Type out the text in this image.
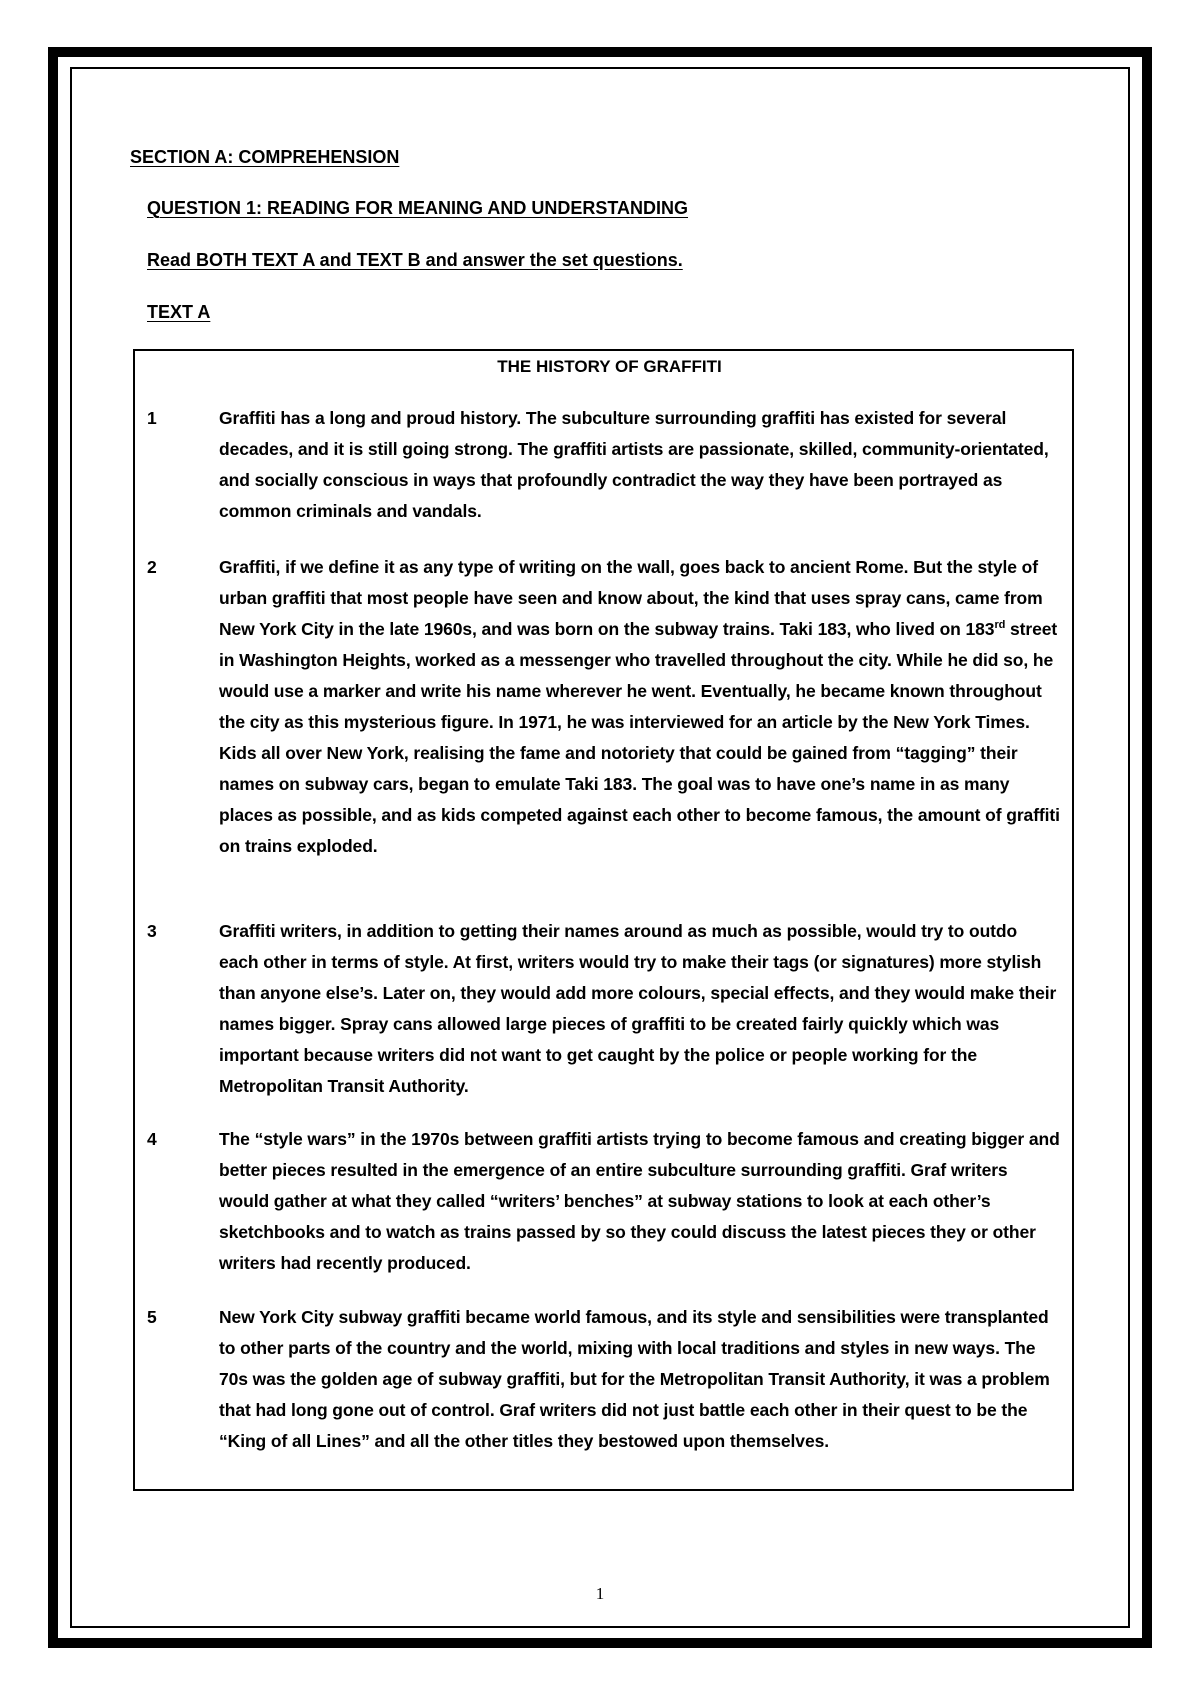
SECTION A: COMPREHENSION
QUESTION 1: READING FOR MEANING AND UNDERSTANDING
Read BOTH TEXT A and TEXT B and answer the set questions.
TEXT A
THE HISTORY OF GRAFFITI
1	Graffiti has a long and proud history. The subculture surrounding graffiti has existed for several decades, and it is still going strong. The graffiti artists are passionate, skilled, community-orientated, and socially conscious in ways that profoundly contradict the way they have been portrayed as common criminals and vandals.

2	Graffiti, if we define it as any type of writing on the wall, goes back to ancient Rome. But the style of urban graffiti that most people have seen and know about, the kind that uses spray cans, came from New York City in the late 1960s, and was born on the subway trains. Taki 183, who lived on 183rd street in Washington Heights, worked as a messenger who travelled throughout the city. While he did so, he would use a marker and write his name wherever he went. Eventually, he became known throughout the city as this mysterious figure. In 1971, he was interviewed for an article by the New York Times. Kids all over New York, realising the fame and notoriety that could be gained from “tagging” their names on subway cars, began to emulate Taki 183. The goal was to have one’s name in as many places as possible, and as kids competed against each other to become famous, the amount of graffiti on trains exploded.

3	Graffiti writers, in addition to getting their names around as much as possible, would try to outdo each other in terms of style. At first, writers would try to make their tags (or signatures) more stylish than anyone else’s. Later on, they would add more colours, special effects, and they would make their names bigger. Spray cans allowed large pieces of graffiti to be created fairly quickly which was important because writers did not want to get caught by the police or people working for the Metropolitan Transit Authority.

4	The “style wars” in the 1970s between graffiti artists trying to become famous and creating bigger and better pieces resulted in the emergence of an entire subculture surrounding graffiti. Graf writers would gather at what they called “writers’ benches” at subway stations to look at each other’s sketchbooks and to watch as trains passed by so they could discuss the latest pieces they or other writers had recently produced.

5	New York City subway graffiti became world famous, and its style and sensibilities were transplanted to other parts of the country and the world, mixing with local traditions and styles in new ways. The 70s was the golden age of subway graffiti, but for the Metropolitan Transit Authority, it was a problem that had long gone out of control. Graf writers did not just battle each other in their quest to be the “King of all Lines” and all the other titles they bestowed upon themselves.

1
